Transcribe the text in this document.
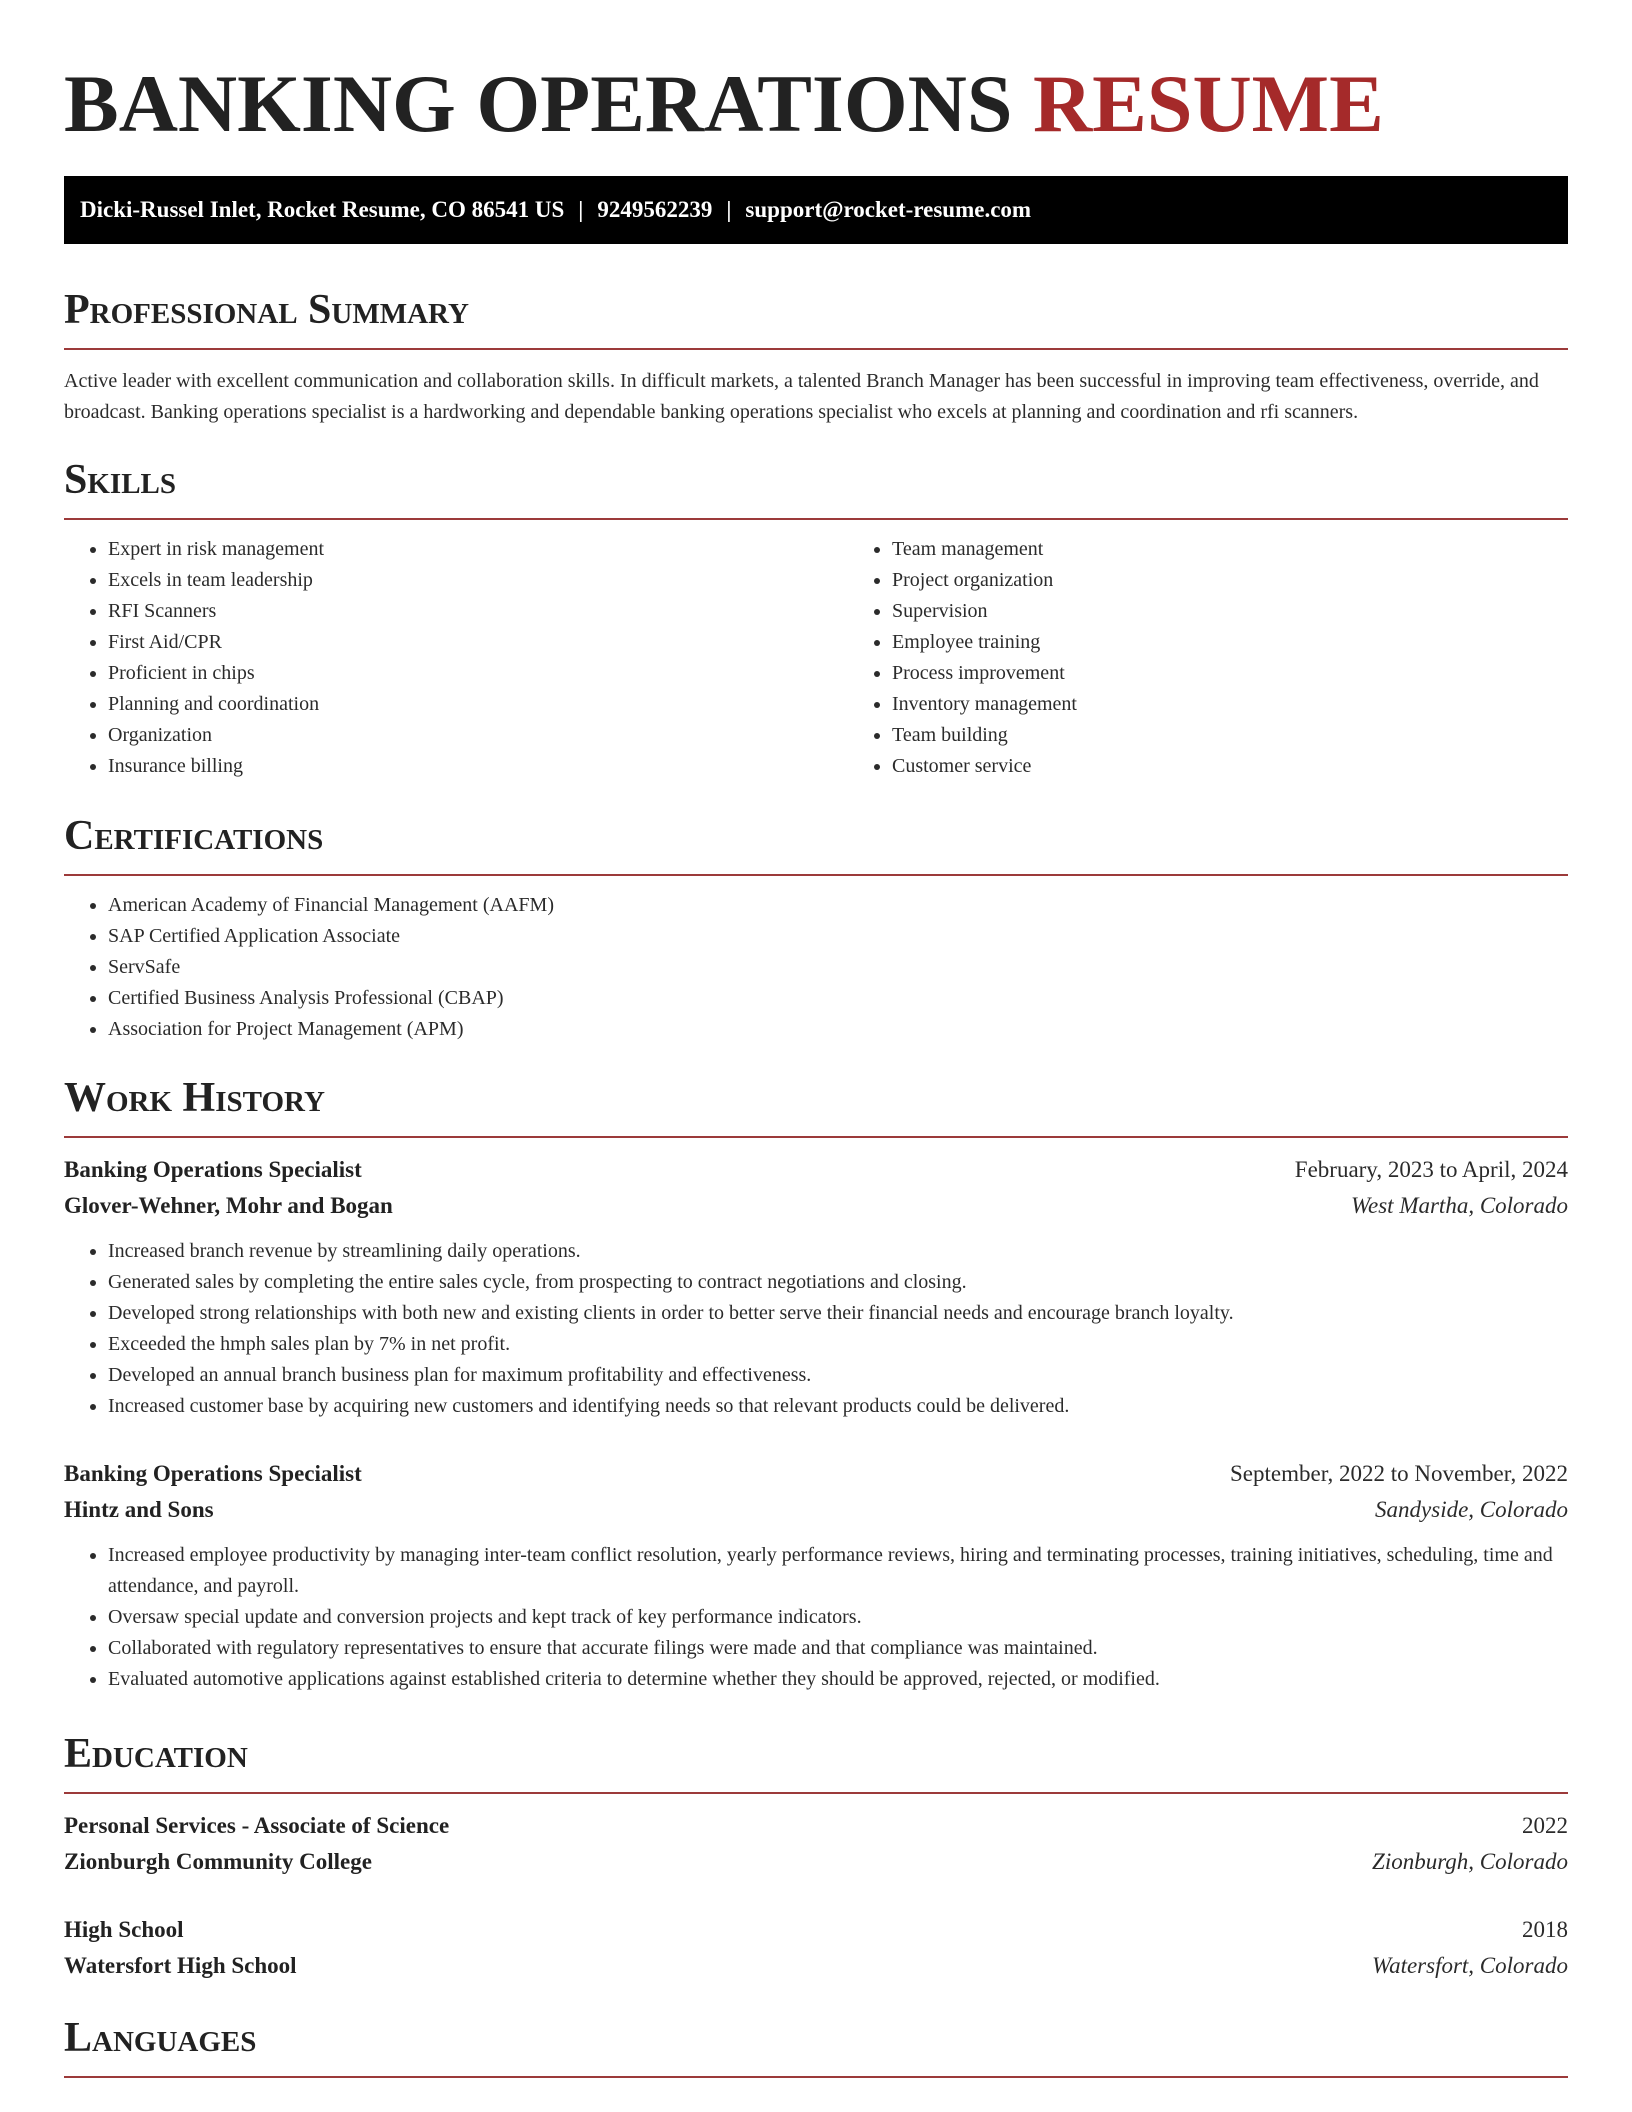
BANKING OPERATIONS RESUME
Dicki-Russel Inlet, Rocket Resume, CO 86541 US | 9249562239 | support@rocket-resume.com
Professional Summary

Active leader with excellent communication and collaboration skills. In difficult markets, a talented Branch Manager has been successful in improving team effectiveness, override, and broadcast. Banking operations specialist is a hardworking and dependable banking operations specialist who excels at planning and coordination and rfi scanners.

Skills
• Expert in risk management
• Excels in team leadership
• RFI Scanners
• First Aid/CPR
• Proficient in chips
• Planning and coordination
• Organization
• Insurance billing
• Team management
• Project organization
• Supervision
• Employee training
• Process improvement
• Inventory management
• Team building
• Customer service
Certifications
• American Academy of Financial Management (AAFM)
• SAP Certified Application Associate
• ServSafe
• Certified Business Analysis Professional (CBAP)
• Association for Project Management (APM)
Work History
Banking Operations Specialist	February, 2023 to April, 2024
Glover-Wehner, Mohr and Bogan	West Martha, Colorado
• Increased branch revenue by streamlining daily operations.
• Generated sales by completing the entire sales cycle, from prospecting to contract negotiations and closing.
• Developed strong relationships with both new and existing clients in order to better serve their financial needs and encourage branch loyalty.
• Exceeded the hmph sales plan by 7% in net profit.
• Developed an annual branch business plan for maximum profitability and effectiveness.
• Increased customer base by acquiring new customers and identifying needs so that relevant products could be delivered.
Banking Operations Specialist	September, 2022 to November, 2022
Hintz and Sons	Sandyside, Colorado
• Increased employee productivity by managing inter-team conflict resolution, yearly performance reviews, hiring and terminating processes, training initiatives, scheduling, time and attendance, and payroll.
• Oversaw special update and conversion projects and kept track of key performance indicators.
• Collaborated with regulatory representatives to ensure that accurate filings were made and that compliance was maintained.
• Evaluated automotive applications against established criteria to determine whether they should be approved, rejected, or modified.
Education
Personal Services - Associate of Science	2022
Zionburgh Community College	Zionburgh, Colorado
High School	2018
Watersfort High School	Watersfort, Colorado
Languages
